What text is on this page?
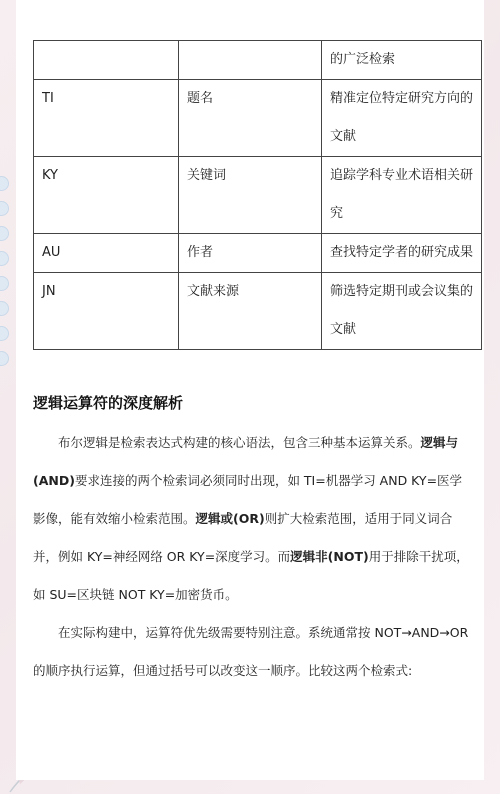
		的广泛检索
TI	题名	精准定位特定研究方向的文献
KY	关键词	追踪学科专业术语相关研究
AU	作者	查找特定学者的研究成果
JN	文献来源	筛选特定期刊或会议集的文献
逻辑运算符的深度解析

布尔逻辑是检索表达式构建的核心语法，包含三种基本运算关系。逻辑与(AND)要求连接的两个检索词必须同时出现，如 TI=机器学习 AND KY=医学影像，能有效缩小检索范围。逻辑或(OR)则扩大检索范围，适用于同义词合并，例如 KY=神经网络 OR KY=深度学习。而逻辑非(NOT)用于排除干扰项，如 SU=区块链 NOT KY=加密货币。

在实际构建中，运算符优先级需要特别注意。系统通常按 NOT→AND→OR 的顺序执行运算，但通过括号可以改变这一顺序。比较这两个检索式:
